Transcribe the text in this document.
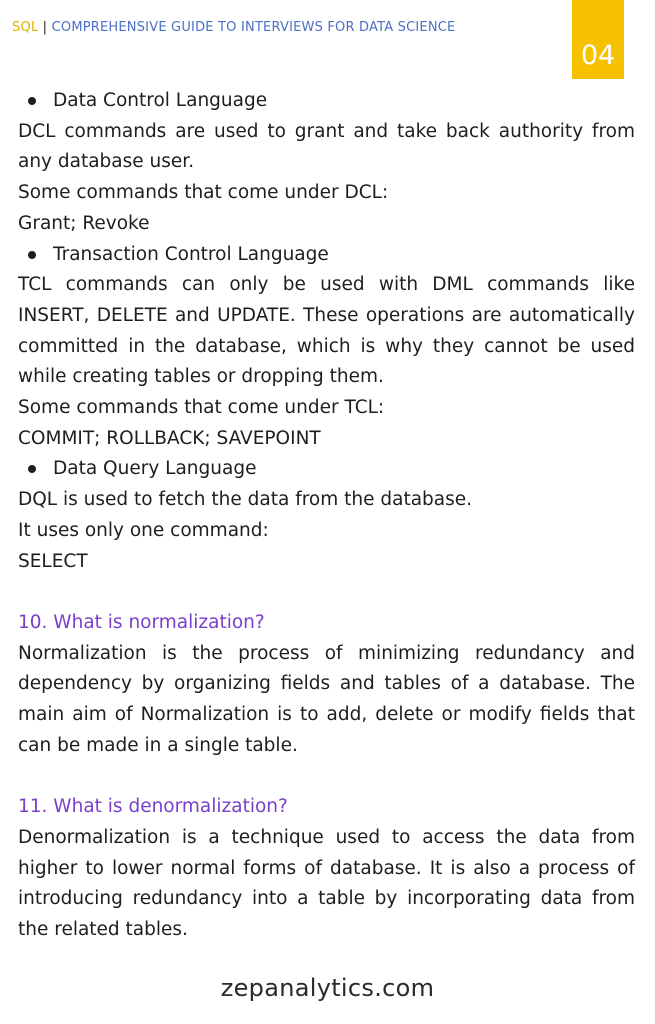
SQL | COMPREHENSIVE GUIDE TO INTERVIEWS FOR DATA SCIENCE
04

Data Control Language

DCL commands are used to grant and take back authority from any database user.

Some commands that come under DCL:

Grant; Revoke

Transaction Control Language

TCL commands can only be used with DML commands like INSERT, DELETE and UPDATE. These operations are automatically committed in the database, which is why they cannot be used while creating tables or dropping them.

Some commands that come under TCL:

COMMIT; ROLLBACK; SAVEPOINT

Data Query Language

DQL is used to fetch the data from the database.

It uses only one command:

SELECT

10. What is normalization?

Normalization is the process of minimizing redundancy and dependency by organizing fields and tables of a database. The main aim of Normalization is to add, delete or modify fields that can be made in a single table.

11. What is denormalization?

Denormalization is a technique used to access the data from higher to lower normal forms of database. It is also a process of introducing redundancy into a table by incorporating data from the related tables.

zepanalytics.com
